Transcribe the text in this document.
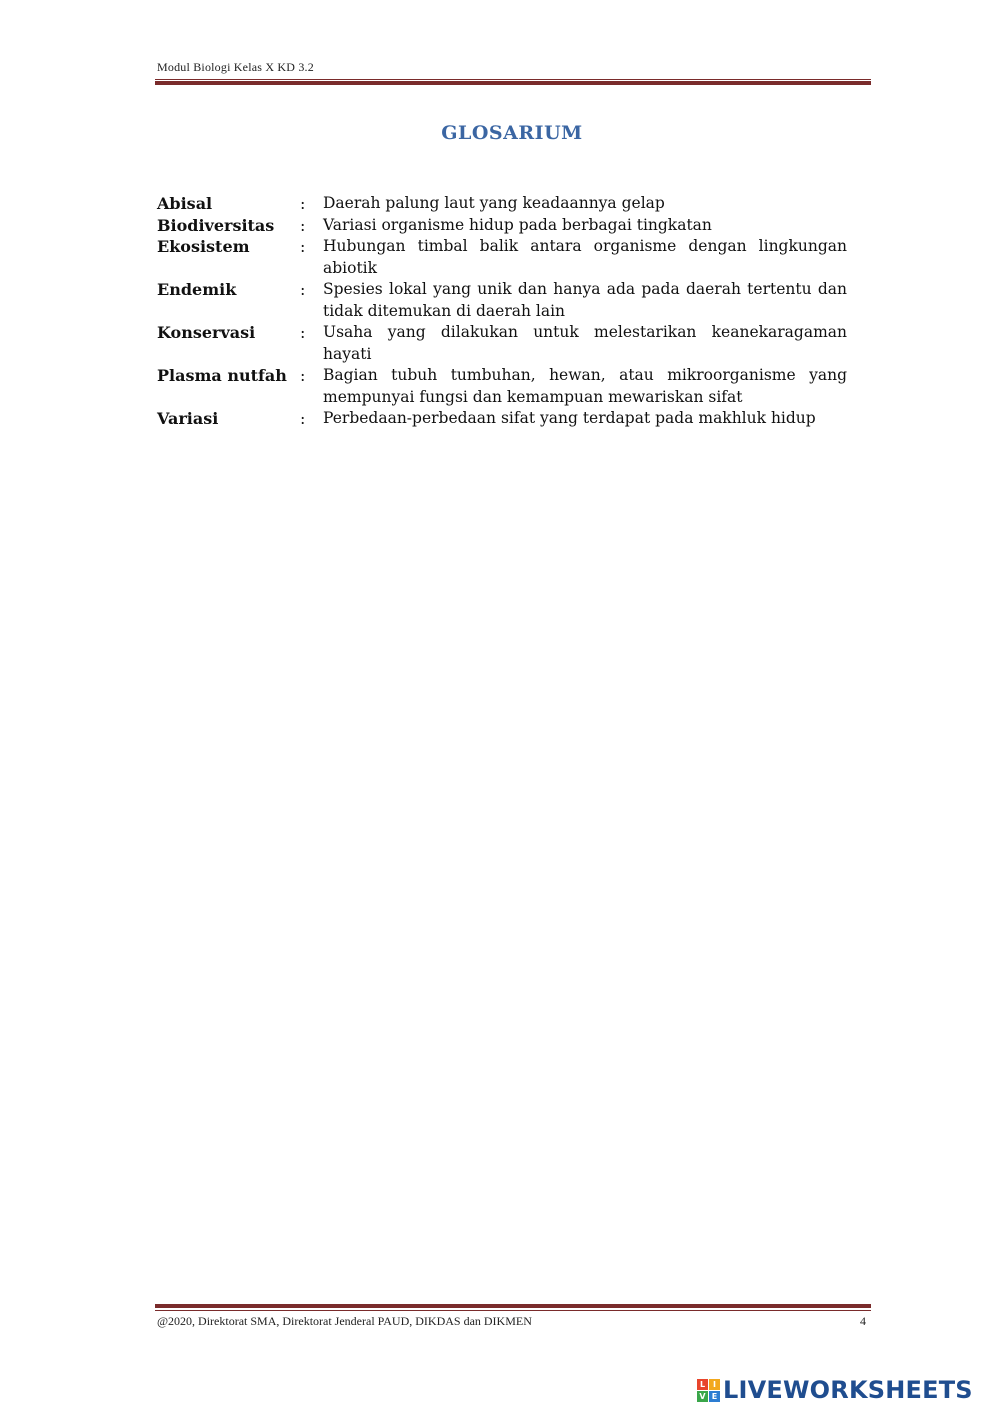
Modul Biologi Kelas X KD 3.2
GLOSARIUM
Abisal	:	Daerah palung laut yang keadaannya gelap
Biodiversitas	:	Variasi organisme hidup pada berbagai tingkatan
Ekosistem	:	Hubungan timbal balik antara organisme dengan lingkungan abiotik
Endemik	:	Spesies lokal yang unik dan hanya ada pada daerah tertentu dan tidak ditemukan di daerah lain
Konservasi	:	Usaha yang dilakukan untuk melestarikan keanekaragaman hayati
Plasma nutfah :	Bagian tubuh tumbuhan, hewan, atau mikroorganisme yang mempunyai fungsi dan kemampuan mewariskan sifat
Variasi	:	Perbedaan-perbedaan sifat yang terdapat pada makhluk hidup
@2020, Direktorat SMA, Direktorat Jenderal PAUD, DIKDAS dan DIKMEN	4
L I
V E LIVEWORKSHEETS
